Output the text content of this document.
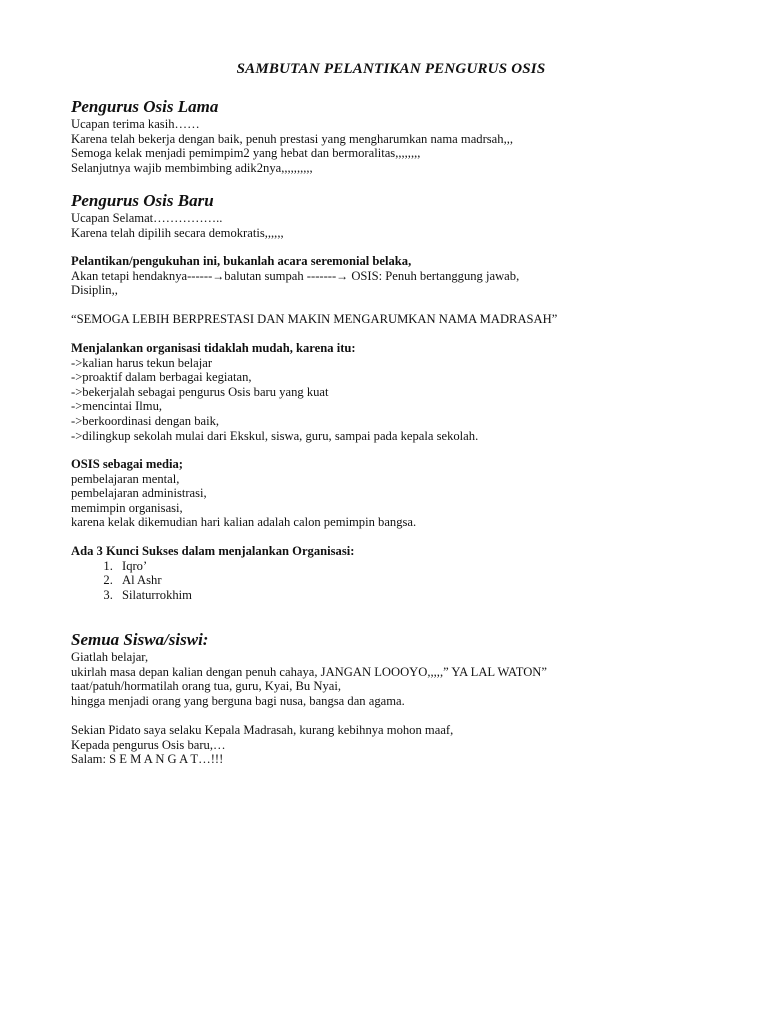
SAMBUTAN PELANTIKAN PENGURUS OSIS
Pengurus Osis Lama
Ucapan terima kasih……
Karena telah bekerja dengan baik, penuh prestasi yang mengharumkan nama madrsah,,,
Semoga kelak menjadi pemimpim2 yang hebat dan bermoralitas,,,,,,,,
Selanjutnya wajib membimbing adik2nya,,,,,,,,,,
Pengurus Osis Baru
Ucapan Selamat……………..
Karena telah dipilih secara demokratis,,,,,,
Pelantikan/pengukuhan ini, bukanlah acara seremonial belaka,
Akan tetapi hendaknya------→balutan sumpah -------→ OSIS: Penuh bertanggung jawab,
Disiplin,,
“SEMOGA LEBIH BERPRESTASI DAN MAKIN MENGARUMKAN NAMA MADRASAH”
Menjalankan organisasi tidaklah mudah, karena itu:
->kalian harus tekun belajar
->proaktif dalam berbagai kegiatan,
->bekerjalah sebagai pengurus Osis baru yang kuat
->mencintai Ilmu,
->berkoordinasi dengan baik,
->dilingkup sekolah mulai dari Ekskul, siswa, guru, sampai pada kepala sekolah.
OSIS sebagai media;
pembelajaran mental,
pembelajaran administrasi,
memimpin organisasi,
karena kelak dikemudian hari kalian adalah calon pemimpin bangsa.
Ada 3 Kunci Sukses dalam menjalankan Organisasi:
1. Iqro’
2. Al Ashr
3. Silaturrokhim
Semua Siswa/siswi:
Giatlah belajar,
ukirlah masa depan kalian dengan penuh cahaya, JANGAN LOOOYO,,,,,” YA LAL WATON”
taat/patuh/hormatilah orang tua, guru, Kyai, Bu Nyai,
hingga menjadi orang yang berguna bagi nusa, bangsa dan agama.
Sekian Pidato saya selaku Kepala Madrasah, kurang kebihnya mohon maaf,
Kepada pengurus Osis baru,…
Salam: S E M A N G A T…!!!
